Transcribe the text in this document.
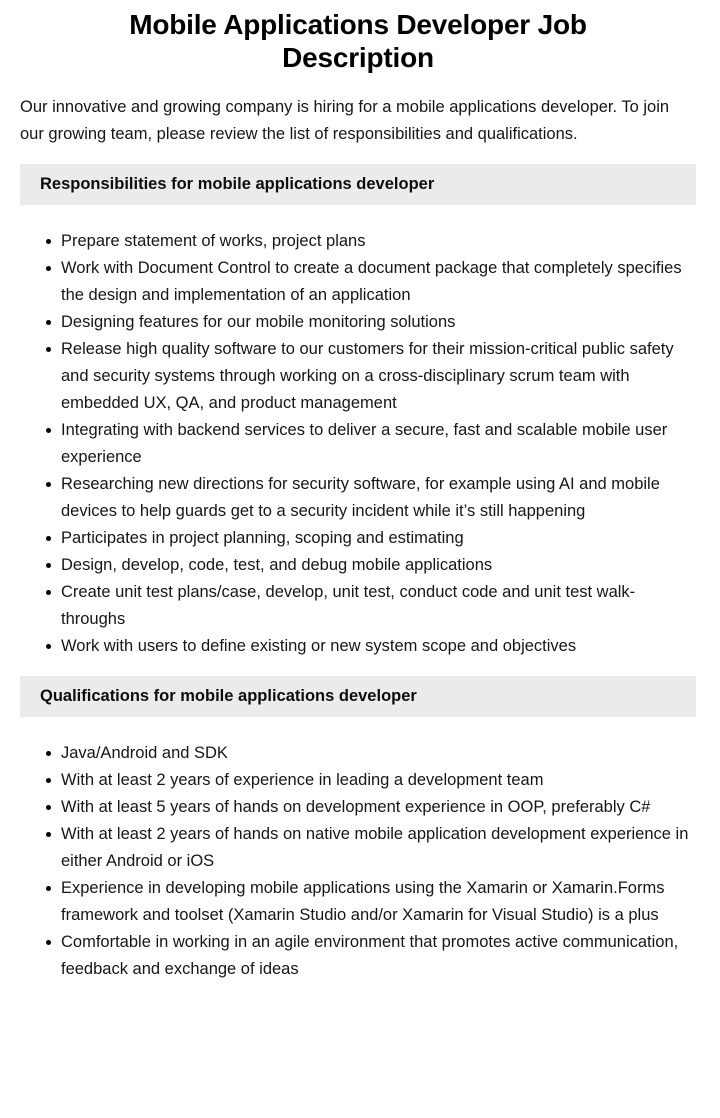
Mobile Applications Developer Job Description

Our innovative and growing company is hiring for a mobile applications developer. To join our growing team, please review the list of responsibilities and qualifications.

Responsibilities for mobile applications developer
Prepare statement of works, project plans
Work with Document Control to create a document package that completely specifies the design and implementation of an application
Designing features for our mobile monitoring solutions
Release high quality software to our customers for their mission-critical public safety and security systems through working on a cross-disciplinary scrum team with embedded UX, QA, and product management
Integrating with backend services to deliver a secure, fast and scalable mobile user experience
Researching new directions for security software, for example using AI and mobile devices to help guards get to a security incident while it’s still happening
Participates in project planning, scoping and estimating
Design, develop, code, test, and debug mobile applications
Create unit test plans/case, develop, unit test, conduct code and unit test walk-throughs
Work with users to define existing or new system scope and objectives
Qualifications for mobile applications developer
Java/Android and SDK
With at least 2 years of experience in leading a development team
With at least 5 years of hands on development experience in OOP, preferably C#
With at least 2 years of hands on native mobile application development experience in either Android or iOS
Experience in developing mobile applications using the Xamarin or Xamarin.Forms framework and toolset (Xamarin Studio and/or Xamarin for Visual Studio) is a plus
Comfortable in working in an agile environment that promotes active communication, feedback and exchange of ideas
